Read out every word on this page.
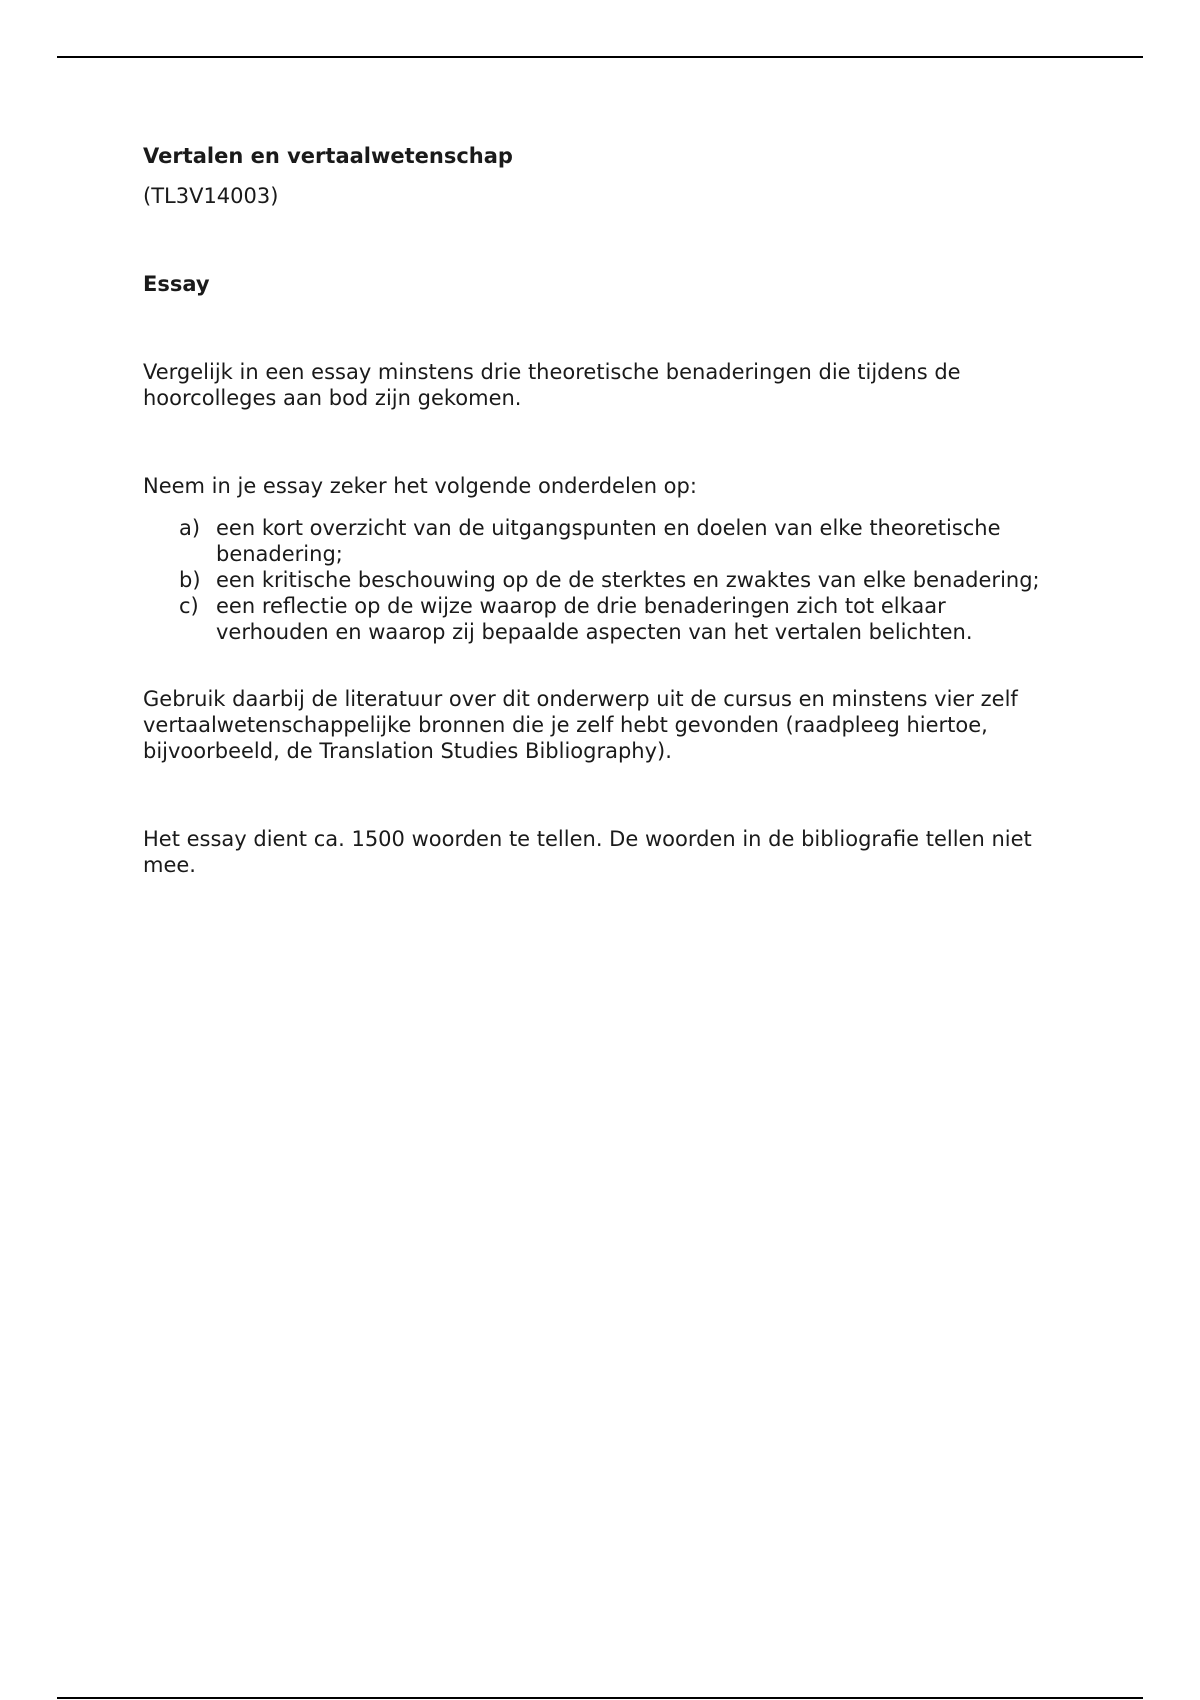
Vertalen en vertaalwetenschap

(TL3V14003)

Essay

Vergelijk in een essay minstens drie theoretische benaderingen die tijdens de hoorcolleges aan bod zijn gekomen.

Neem in je essay zeker het volgende onderdelen op:

a) een kort overzicht van de uitgangspunten en doelen van elke theoretische benadering;
b) een kritische beschouwing op de de sterktes en zwaktes van elke benadering;
c) een reflectie op de wijze waarop de drie benaderingen zich tot elkaar verhouden en waarop zij bepaalde aspecten van het vertalen belichten.

Gebruik daarbij de literatuur over dit onderwerp uit de cursus en minstens vier zelf vertaalwetenschappelijke bronnen die je zelf hebt gevonden (raadpleeg hiertoe, bijvoorbeeld, de Translation Studies Bibliography).

Het essay dient ca. 1500 woorden te tellen. De woorden in de bibliografie tellen niet mee.
